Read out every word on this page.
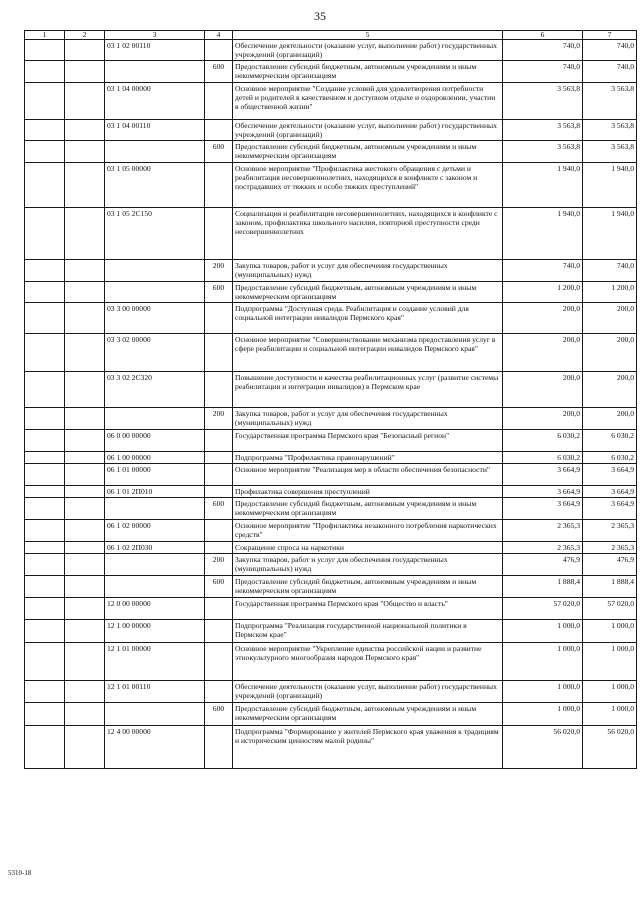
35
1	2	3	4	5	6	7
		03 1 02 00110		Обеспечение деятельности (оказание услуг, выполнение работ) государственных учреждений (организаций)	740,0	740,0
			600	Предоставление субсидий бюджетным, автономным учреждениям и иным некоммерческим организациям	740,0	740,0
		03 1 04 00000		Основное мероприятие "Создание условий для удовлетворения потребности детей и родителей в качественном и доступном отдыхе и оздоровлении, участии в общественной жизни"	3 563,8	3 563,8
		03 1 04 00110		Обеспечение деятельности (оказание услуг, выполнение работ) государственных учреждений (организаций)	3 563,8	3 563,8
			600	Предоставление субсидий бюджетным, автономным учреждениям и иным некоммерческим организациям	3 563,8	3 563,8
		03 1 05 00000		Основное мероприятие "Профилактика жестокого обращения с детьми и реабилитация несовершеннолетних, находящихся в конфликте с законом и пострадавших от тяжких и особо тяжких преступлений"	1 940,0	1 940,0
		03 1 05 2С150		Социализация и реабилитация несовершеннолетних, находящихся в конфликте с законом, профилактика школьного насилия, повторной преступности среди несовершеннолетних	1 940,0	1 940,0
			200	Закупка товаров, работ и услуг для обеспечения государственных (муниципальных) нужд	740,0	740,0
			600	Предоставление субсидий бюджетным, автономным учреждениям и иным некоммерческим организациям	1 200,0	1 200,0
		03 3 00 00000		Подпрограмма "Доступная среда. Реабилитация и создание условий для социальной интеграции инвалидов Пермского края"	200,0	200,0
		03 3 02 00000		Основное мероприятие "Совершенствование механизма предоставления услуг в сфере реабилитации и социальной интеграции инвалидов Пермского края"	200,0	200,0
		03 3 02 2С320		Повышение доступности и качества реабилитационных услуг (развитие системы реабилитации и интеграции инвалидов) в Пермском крае	200,0	200,0
			200	Закупка товаров, работ и услуг для обеспечения государственных (муниципальных) нужд	200,0	200,0
		06 0 00 00000		Государственная программа Пермского края "Безопасный регион"	6 030,2	6 030,2
		06 1 00 00000		Подпрограмма "Профилактика правонарушений"	6 030,2	6 030,2
		06 1 01 00000		Основное мероприятие "Реализация мер в области обеспечения безопасности"	3 664,9	3 664,9
		06 1 01 2П010		Профилактика совершения преступлений	3 664,9	3 664,9
			600	Предоставление субсидий бюджетным, автономным учреждениям и иным некоммерческим организациям	3 664,9	3 664,9
		06 1 02 00000		Основное мероприятие "Профилактика незаконного потребления наркотических средств"	2 365,3	2 365,3
		06 1 02 2П030		Сокращение спроса на наркотики	2 365,3	2 365,3
			200	Закупка товаров, работ и услуг для обеспечения государственных (муниципальных) нужд	476,9	476,9
			600	Предоставление субсидий бюджетным, автономным учреждениям и иным некоммерческим организациям	1 888,4	1 888,4
		12 0 00 00000		Государственная программа Пермского края "Общество и власть"	57 020,0	57 020,0
		12 1 00 00000		Подпрограмма "Реализация государственной национальной политики в Пермском крае"	1 000,0	1 000,0
		12 1 01 00000		Основное мероприятие "Укрепление единства российской нации и развитие этнокультурного многообразия народов Пермского края"	1 000,0	1 000,0
		12 1 01 00110		Обеспечение деятельности (оказание услуг, выполнение работ) государственных учреждений (организаций)	1 000,0	1 000,0
			600	Предоставление субсидий бюджетным, автономным учреждениям и иным некоммерческим организациям	1 000,0	1 000,0
		12 4 00 00000		Подпрограмма "Формирование у жителей Пермского края уважения к традициям и историческим ценностям малой родины"	56 020,0	56 020,0
5310-18
